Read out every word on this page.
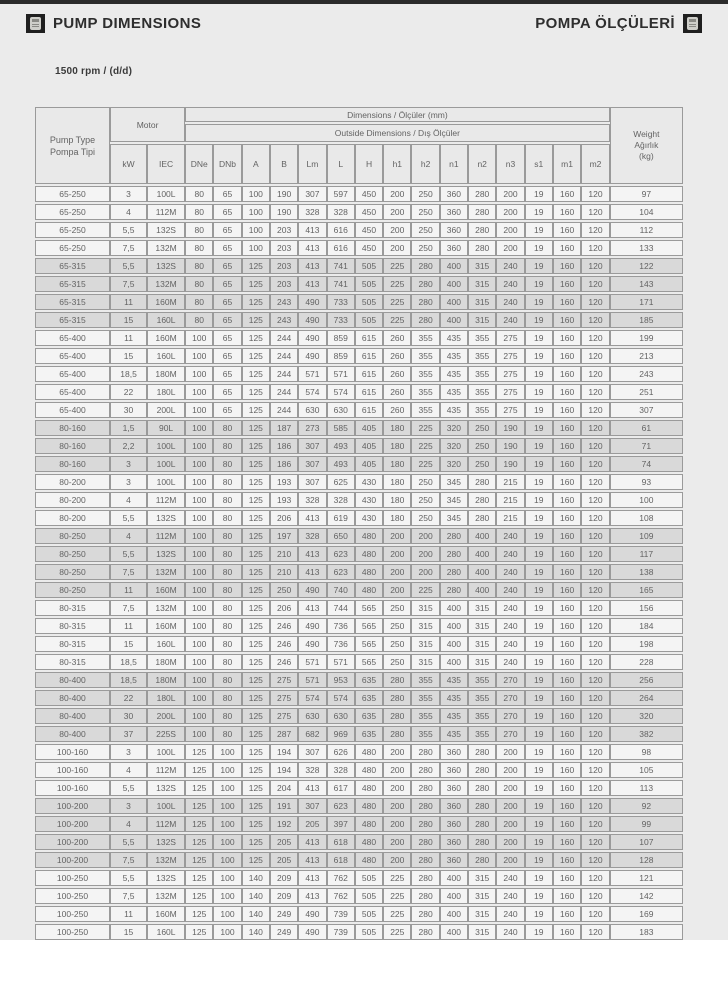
PUMP DIMENSIONS	POMPA ÖLÇÜLERİ
1500 rpm / (d/d)
Pump Type
Pompa Tipi
	Motor	Dimensions / Ölçüler (mm)	
Weight
Ağırlık
(kg)

			Outside Dimensions / Dış Ölçüler															
	kW	IEC	DNe	DNb	A	B	Lm	L	H	h1	h2	n1	n2	n3	s1	m1	m2	
65-250	3	100L	80	65	100	190	307	597	450	200	250	360	280	200	19	160	120	97
65-250	4	112M	80	65	100	190	328	328	450	200	250	360	280	200	19	160	120	104
65-250	5,5	132S	80	65	100	203	413	616	450	200	250	360	280	200	19	160	120	112
65-250	7,5	132M	80	65	100	203	413	616	450	200	250	360	280	200	19	160	120	133
65-315	5,5	132S	80	65	125	203	413	741	505	225	280	400	315	240	19	160	120	122
65-315	7,5	132M	80	65	125	203	413	741	505	225	280	400	315	240	19	160	120	143
65-315	11	160M	80	65	125	243	490	733	505	225	280	400	315	240	19	160	120	171
65-315	15	160L	80	65	125	243	490	733	505	225	280	400	315	240	19	160	120	185
65-400	11	160M	100	65	125	244	490	859	615	260	355	435	355	275	19	160	120	199
65-400	15	160L	100	65	125	244	490	859	615	260	355	435	355	275	19	160	120	213
65-400	18,5	180M	100	65	125	244	571	571	615	260	355	435	355	275	19	160	120	243
65-400	22	180L	100	65	125	244	574	574	615	260	355	435	355	275	19	160	120	251
65-400	30	200L	100	65	125	244	630	630	615	260	355	435	355	275	19	160	120	307
80-160	1,5	90L	100	80	125	187	273	585	405	180	225	320	250	190	19	160	120	61
80-160	2,2	100L	100	80	125	186	307	493	405	180	225	320	250	190	19	160	120	71
80-160	3	100L	100	80	125	186	307	493	405	180	225	320	250	190	19	160	120	74
80-200	3	100L	100	80	125	193	307	625	430	180	250	345	280	215	19	160	120	93
80-200	4	112M	100	80	125	193	328	328	430	180	250	345	280	215	19	160	120	100
80-200	5,5	132S	100	80	125	206	413	619	430	180	250	345	280	215	19	160	120	108
80-250	4	112M	100	80	125	197	328	650	480	200	200	280	400	240	19	160	120	109
80-250	5,5	132S	100	80	125	210	413	623	480	200	200	280	400	240	19	160	120	117
80-250	7,5	132M	100	80	125	210	413	623	480	200	200	280	400	240	19	160	120	138
80-250	11	160M	100	80	125	250	490	740	480	200	225	280	400	240	19	160	120	165
80-315	7,5	132M	100	80	125	206	413	744	565	250	315	400	315	240	19	160	120	156
80-315	11	160M	100	80	125	246	490	736	565	250	315	400	315	240	19	160	120	184
80-315	15	160L	100	80	125	246	490	736	565	250	315	400	315	240	19	160	120	198
80-315	18,5	180M	100	80	125	246	571	571	565	250	315	400	315	240	19	160	120	228
80-400	18,5	180M	100	80	125	275	571	953	635	280	355	435	355	270	19	160	120	256
80-400	22	180L	100	80	125	275	574	574	635	280	355	435	355	270	19	160	120	264
80-400	30	200L	100	80	125	275	630	630	635	280	355	435	355	270	19	160	120	320
80-400	37	225S	100	80	125	287	682	969	635	280	355	435	355	270	19	160	120	382
100-160	3	100L	125	100	125	194	307	626	480	200	280	360	280	200	19	160	120	98
100-160	4	112M	125	100	125	194	328	328	480	200	280	360	280	200	19	160	120	105
100-160	5,5	132S	125	100	125	204	413	617	480	200	280	360	280	200	19	160	120	113
100-200	3	100L	125	100	125	191	307	623	480	200	280	360	280	200	19	160	120	92
100-200	4	112M	125	100	125	192	205	397	480	200	280	360	280	200	19	160	120	99
100-200	5,5	132S	125	100	125	205	413	618	480	200	280	360	280	200	19	160	120	107
100-200	7,5	132M	125	100	125	205	413	618	480	200	280	360	280	200	19	160	120	128
100-250	5,5	132S	125	100	140	209	413	762	505	225	280	400	315	240	19	160	120	121
100-250	7,5	132M	125	100	140	209	413	762	505	225	280	400	315	240	19	160	120	142
100-250	11	160M	125	100	140	249	490	739	505	225	280	400	315	240	19	160	120	169
100-250	15	160L	125	100	140	249	490	739	505	225	280	400	315	240	19	160	120	183
